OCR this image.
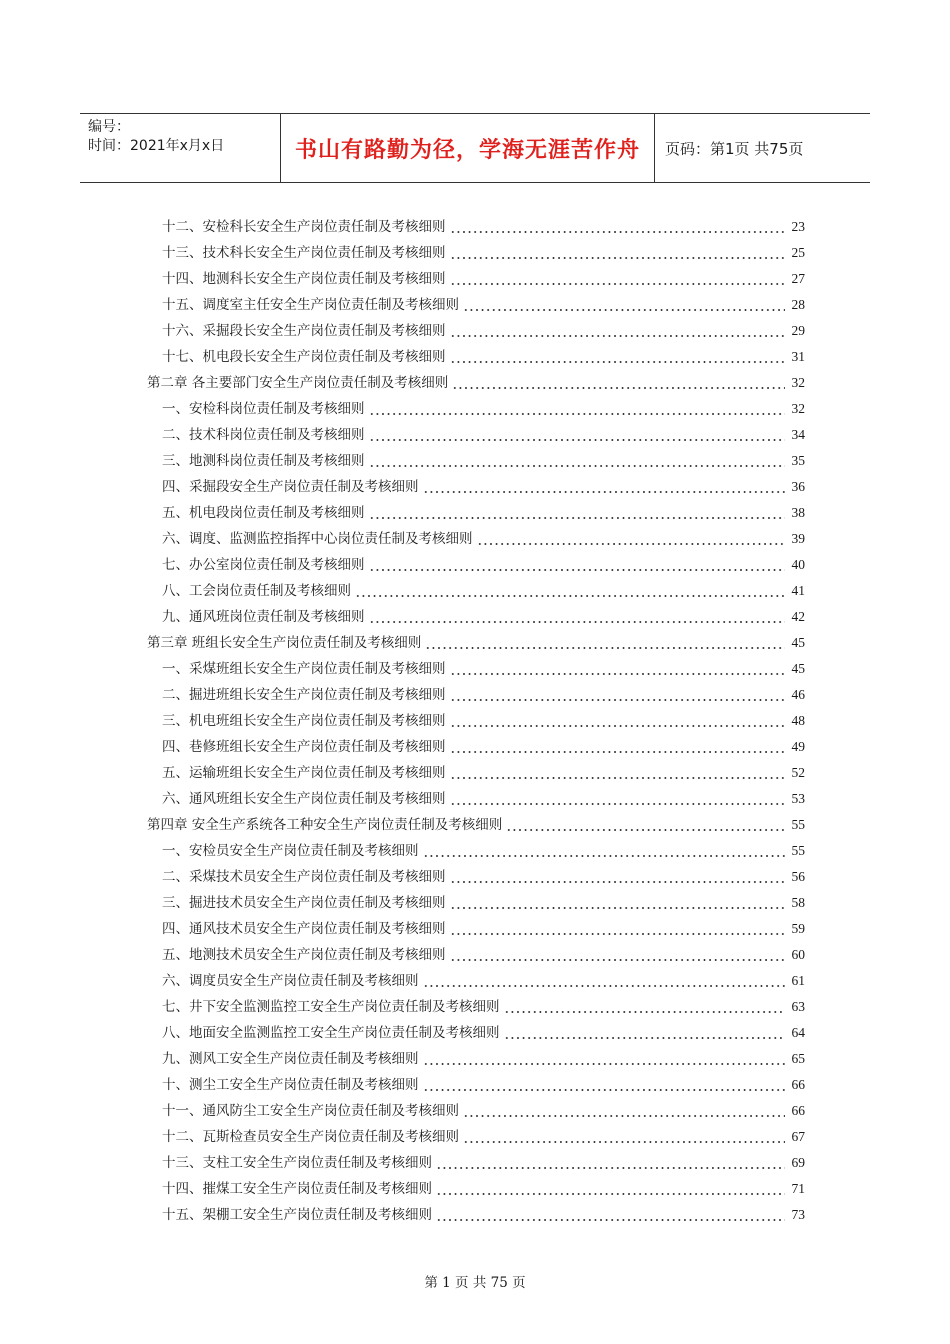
编号：
时间：2021年x月x日	书山有路勤为径，学海无涯苦作舟	页码：第1页 共75页
十二、安检科长安全生产岗位责任制及考核细则	23
十三、技术科长安全生产岗位责任制及考核细则	25
十四、地测科长安全生产岗位责任制及考核细则	27
十五、调度室主任安全生产岗位责任制及考核细则	28
十六、采掘段长安全生产岗位责任制及考核细则	29
十七、机电段长安全生产岗位责任制及考核细则	31
第二章 各主要部门安全生产岗位责任制及考核细则	32
一、安检科岗位责任制及考核细则	32
二、技术科岗位责任制及考核细则	34
三、地测科岗位责任制及考核细则	35
四、采掘段安全生产岗位责任制及考核细则	36
五、机电段岗位责任制及考核细则	38
六、调度、监测监控指挥中心岗位责任制及考核细则	39
七、办公室岗位责任制及考核细则	40
八、工会岗位责任制及考核细则	41
九、通风班岗位责任制及考核细则	42
第三章 班组长安全生产岗位责任制及考核细则	45
一、采煤班组长安全生产岗位责任制及考核细则	45
二、掘进班组长安全生产岗位责任制及考核细则	46
三、机电班组长安全生产岗位责任制及考核细则	48
四、巷修班组长安全生产岗位责任制及考核细则	49
五、运输班组长安全生产岗位责任制及考核细则	52
六、通风班组长安全生产岗位责任制及考核细则	53
第四章 安全生产系统各工种安全生产岗位责任制及考核细则	55
一、安检员安全生产岗位责任制及考核细则	55
二、采煤技术员安全生产岗位责任制及考核细则	56
三、掘进技术员安全生产岗位责任制及考核细则	58
四、通风技术员安全生产岗位责任制及考核细则	59
五、地测技术员安全生产岗位责任制及考核细则	60
六、调度员安全生产岗位责任制及考核细则	61
七、井下安全监测监控工安全生产岗位责任制及考核细则	63
八、地面安全监测监控工安全生产岗位责任制及考核细则	64
九、测风工安全生产岗位责任制及考核细则	65
十、测尘工安全生产岗位责任制及考核细则	66
十一、通风防尘工安全生产岗位责任制及考核细则	66
十二、瓦斯检查员安全生产岗位责任制及考核细则	67
十三、支柱工安全生产岗位责任制及考核细则	69
十四、摧煤工安全生产岗位责任制及考核细则	71
十五、架棚工安全生产岗位责任制及考核细则	73
第 1 页 共 75 页
